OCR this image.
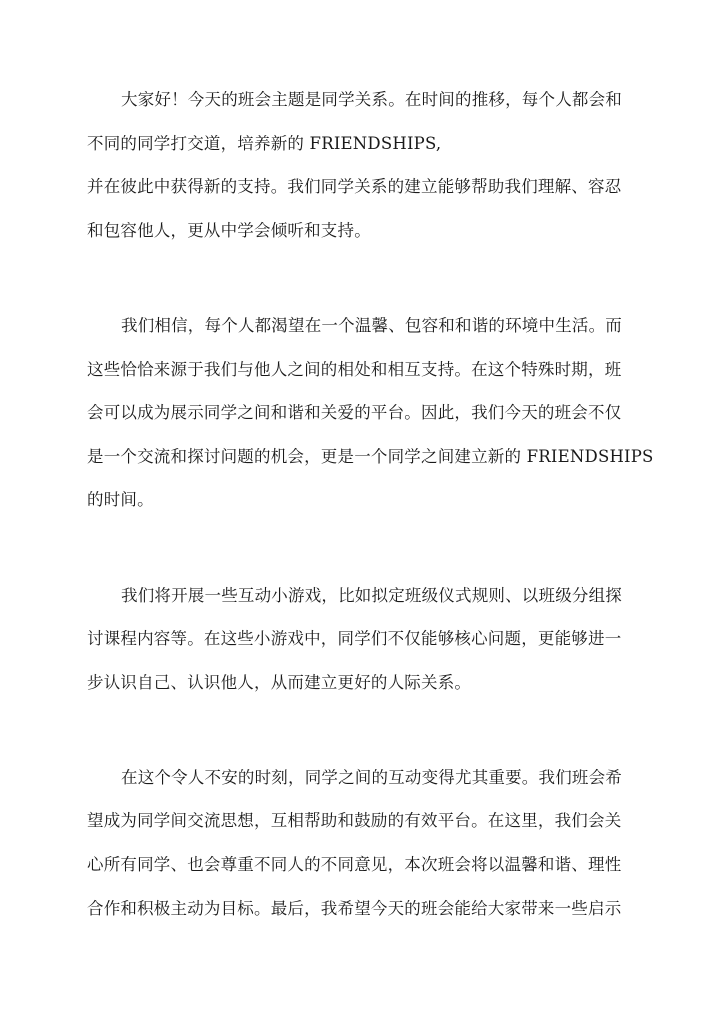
大家好！今天的班会主题是同学关系。在时间的推移，每个人都会和
不同的同学打交道，培养新的 FRIENDSHIPS,
并在彼此中获得新的支持。我们同学关系的建立能够帮助我们理解、容忍
和包容他人，更从中学会倾听和支持。
我们相信，每个人都渴望在一个温馨、包容和和谐的环境中生活。而
这些恰恰来源于我们与他人之间的相处和相互支持。在这个特殊时期，班
会可以成为展示同学之间和谐和关爱的平台。因此，我们今天的班会不仅
是一个交流和探讨问题的机会，更是一个同学之间建立新的 FRIENDSHIPS
的时间。
我们将开展一些互动小游戏，比如拟定班级仪式规则、以班级分组探
讨课程内容等。在这些小游戏中，同学们不仅能够核心问题，更能够进一
步认识自己、认识他人，从而建立更好的人际关系。
在这个令人不安的时刻，同学之间的互动变得尤其重要。我们班会希
望成为同学间交流思想，互相帮助和鼓励的有效平台。在这里，我们会关
心所有同学、也会尊重不同人的不同意见，本次班会将以温馨和谐、理性
合作和积极主动为目标。最后，我希望今天的班会能给大家带来一些启示
